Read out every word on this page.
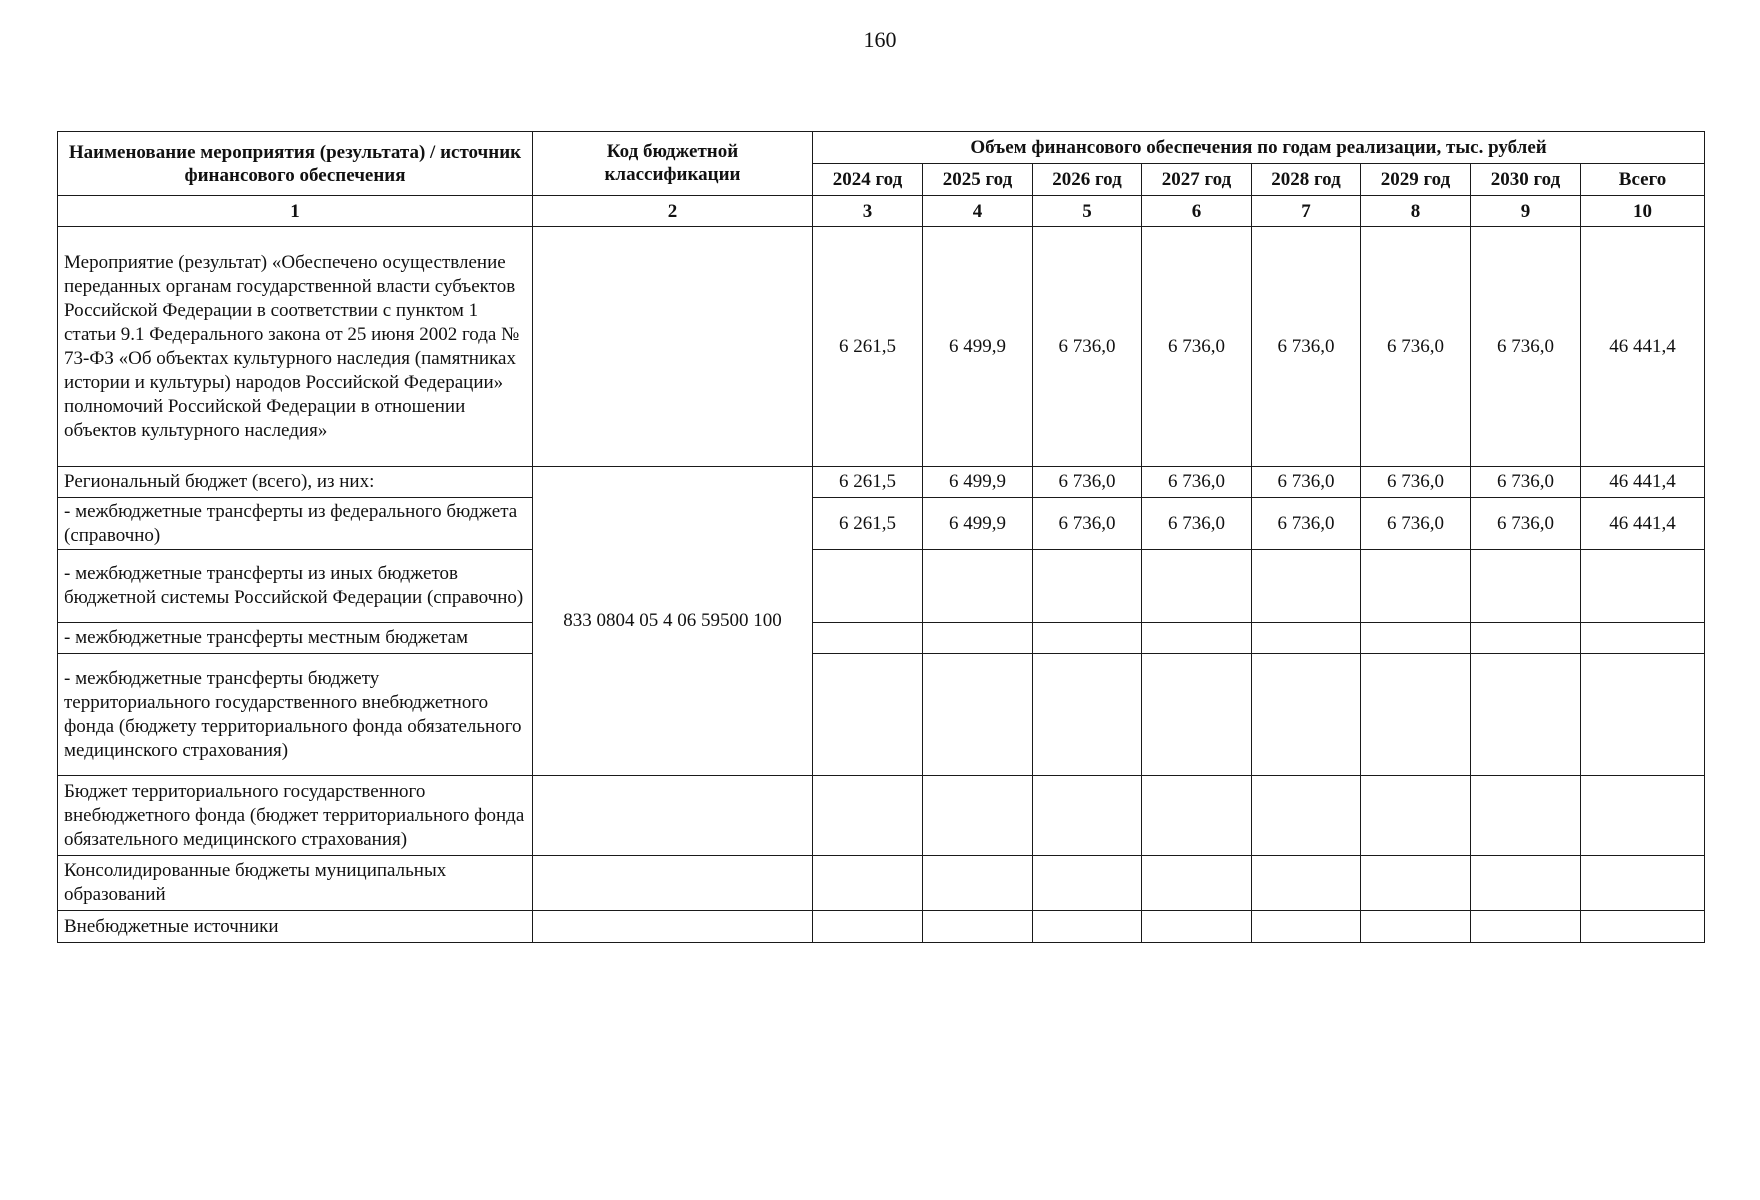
160
Наименование мероприятия (результата) / источник финансового обеспечения	Код бюджетной классификации	Объем финансового обеспечения по годам реализации, тыс. рублей							
		2024 год	2025 год	2026 год	2027 год	2028 год	2029 год	2030 год	Всего
1	2	3	4	5	6	7	8	9	10
Мероприятие (результат) «Обеспечено осуществление переданных органам государственной власти субъектов Российской Федерации в соответствии с пунктом 1 статьи 9.1 Федерального закона от 25 июня 2002 года № 73-ФЗ «Об объектах культурного наследия (памятниках истории и культуры) народов Российской Федерации» полномочий Российской Федерации в отношении объектов культурного наследия»		6 261,5	6 499,9	6 736,0	6 736,0	6 736,0	6 736,0	6 736,0	46 441,4
Региональный бюджет (всего), из них:	833 0804 05 4 06 59500 100	6 261,5	6 499,9	6 736,0	6 736,0	6 736,0	6 736,0	6 736,0	46 441,4
- межбюджетные трансферты из федерального бюджета (справочно)		6 261,5	6 499,9	6 736,0	6 736,0	6 736,0	6 736,0	6 736,0	46 441,4
- межбюджетные трансферты из иных бюджетов бюджетной системы Российской Федерации (справочно)									
- межбюджетные трансферты местным бюджетам									
- межбюджетные трансферты бюджету территориального государственного внебюджетного фонда (бюджету территориального фонда обязательного медицинского страхования)									
Бюджет территориального государственного внебюджетного фонда (бюджет территориального фонда обязательного медицинского страхования)									
Консолидированные бюджеты муниципальных образований									
Внебюджетные источники									
